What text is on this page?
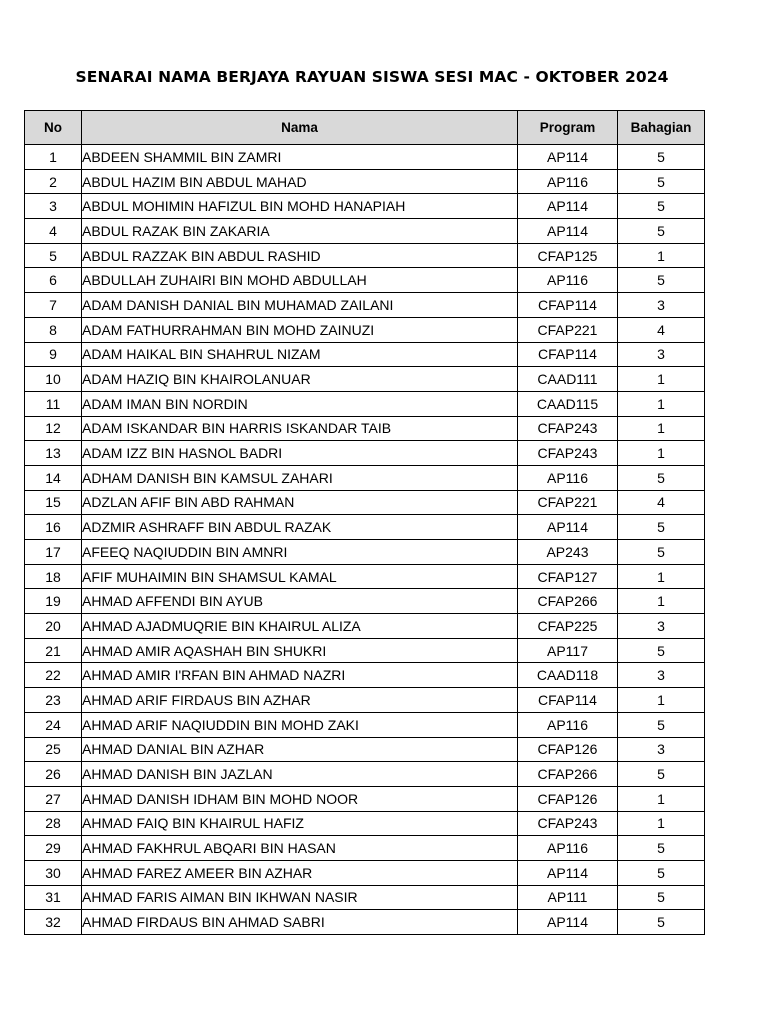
SENARAI NAMA BERJAYA RAYUAN SISWA SESI MAC - OKTOBER 2024
No	Nama	Program	Bahagian
1	ABDEEN SHAMMIL BIN ZAMRI	AP114	5
2	ABDUL HAZIM BIN ABDUL MAHAD	AP116	5
3	ABDUL MOHIMIN HAFIZUL BIN MOHD HANAPIAH	AP114	5
4	ABDUL RAZAK BIN ZAKARIA	AP114	5
5	ABDUL RAZZAK BIN ABDUL RASHID	CFAP125	1
6	ABDULLAH ZUHAIRI BIN MOHD ABDULLAH	AP116	5
7	ADAM DANISH DANIAL BIN MUHAMAD ZAILANI	CFAP114	3
8	ADAM FATHURRAHMAN BIN MOHD ZAINUZI	CFAP221	4
9	ADAM HAIKAL BIN SHAHRUL NIZAM	CFAP114	3
10	ADAM HAZIQ BIN KHAIROLANUAR	CAAD111	1
11	ADAM IMAN BIN NORDIN	CAAD115	1
12	ADAM ISKANDAR BIN HARRIS ISKANDAR TAIB	CFAP243	1
13	ADAM IZZ BIN HASNOL BADRI	CFAP243	1
14	ADHAM DANISH BIN KAMSUL ZAHARI	AP116	5
15	ADZLAN AFIF BIN ABD RAHMAN	CFAP221	4
16	ADZMIR ASHRAFF BIN ABDUL RAZAK	AP114	5
17	AFEEQ NAQIUDDIN BIN AMNRI	AP243	5
18	AFIF MUHAIMIN BIN SHAMSUL KAMAL	CFAP127	1
19	AHMAD AFFENDI BIN AYUB	CFAP266	1
20	AHMAD AJADMUQRIE BIN KHAIRUL ALIZA	CFAP225	3
21	AHMAD AMIR AQASHAH BIN SHUKRI	AP117	5
22	AHMAD AMIR I'RFAN BIN AHMAD NAZRI	CAAD118	3
23	AHMAD ARIF FIRDAUS BIN AZHAR	CFAP114	1
24	AHMAD ARIF NAQIUDDIN BIN MOHD ZAKI	AP116	5
25	AHMAD DANIAL BIN AZHAR	CFAP126	3
26	AHMAD DANISH BIN JAZLAN	CFAP266	5
27	AHMAD DANISH IDHAM BIN MOHD NOOR	CFAP126	1
28	AHMAD FAIQ BIN KHAIRUL HAFIZ	CFAP243	1
29	AHMAD FAKHRUL ABQARI BIN HASAN	AP116	5
30	AHMAD FAREZ AMEER BIN AZHAR	AP114	5
31	AHMAD FARIS AIMAN BIN IKHWAN NASIR	AP111	5
32	AHMAD FIRDAUS BIN AHMAD SABRI	AP114	5
